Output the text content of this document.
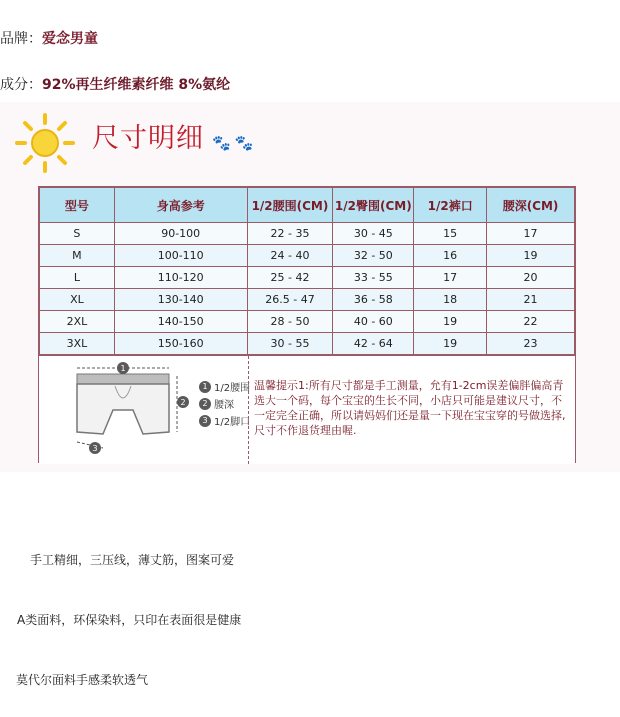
品牌：爱念男童
成分：92%再生纤维素纤维 8%氨纶
尺寸明细 🐾 🐾
型号	身高参考	1/2腰围(CM)	1/2臀围(CM)	1/2裤口	腰深(CM)
S	90-100	22 - 35	30 - 45	15	17
M	100-110	24 - 40	32 - 50	16	19
L	110-120	25 - 42	33 - 55	17	20
XL	130-140	26.5 - 47	36 - 58	18	21
2XL	140-150	28 - 50	40 - 60	19	22
3XL	150-160	30 - 55	42 - 64	19	23
1
2
3
1 1/2腰围
2 腰深
3 1/2脚口
温馨提示1:所有尺寸都是手工测量，允有1-2cm误差偏胖偏高青选大一个码，每个宝宝的生长不同，小店只可能是建议尺寸，不一定完全正确，所以请妈妈们还是量一下现在宝宝穿的号做选择,尺寸不作退货理由喔.
手工精细，三压线，薄丈筋，图案可爱
A类面料，环保染料，只印在表面很是健康
莫代尔面料手感柔软透气
